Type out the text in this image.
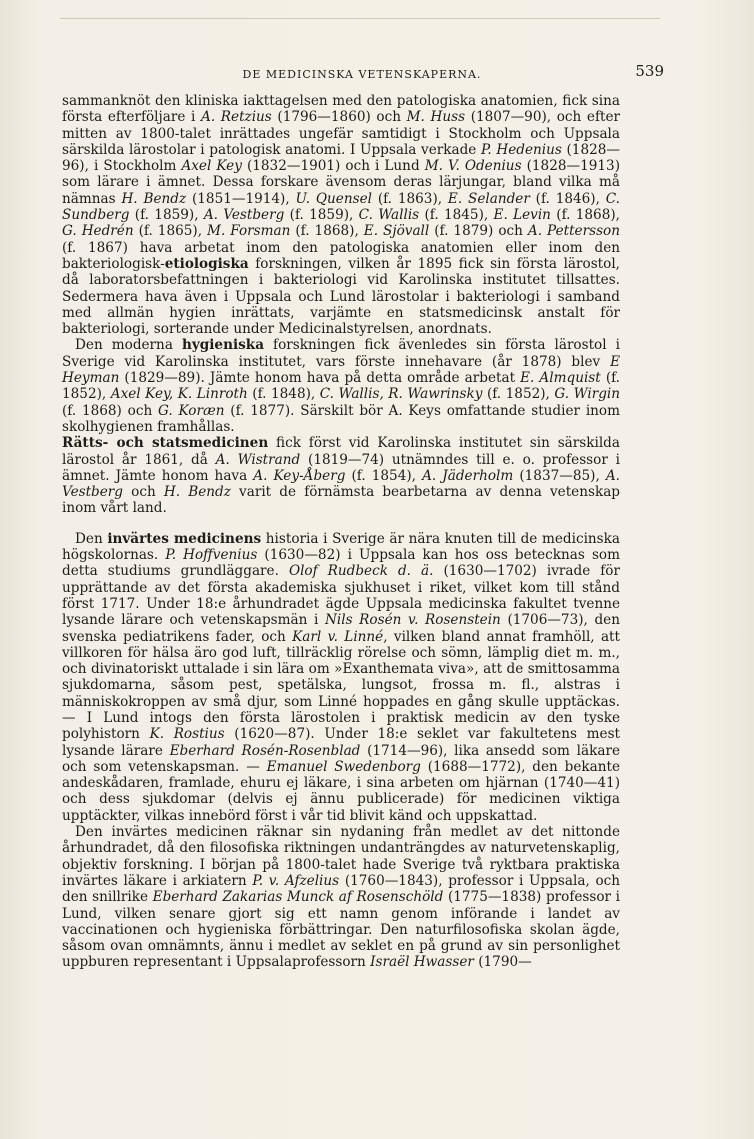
DE MEDICINSKA VETENSKAPERNA.	539

sammanknöt den kliniska iakttagelsen med den patologiska anatomien, fick sina första efterföljare i A. Retzius (1796—1860) och M. Huss (1807—90), och efter mitten av 1800-talet inrättades ungefär samtidigt i Stockholm och Uppsala särskilda lärostolar i patologisk anatomi. I Uppsala verkade P. Hedenius (1828—96), i Stockholm Axel Key (1832—1901) och i Lund M. V. Odenius (1828—1913) som lärare i ämnet. Dessa forskare ävensom deras lärjungar, bland vilka må nämnas H. Bendz (1851—1914), U. Quensel (f. 1863), E. Selander (f. 1846), C. Sundberg (f. 1859), A. Vestberg (f. 1859), C. Wallis (f. 1845), E. Levin (f. 1868), G. Hedrén (f. 1865), M. Forsman (f. 1868), E. Sjövall (f. 1879) och A. Pettersson (f. 1867) hava arbetat inom den patologiska anatomien eller inom den bakteriologisk-etiologiska forskningen, vilken år 1895 fick sin första lärostol, då laboratorsbefattningen i bakteriologi vid Karolinska institutet tillsattes. Sedermera hava även i Uppsala och Lund lärostolar i bakteriologi i samband med allmän hygien inrättats, varjämte en statsmedicinsk anstalt för bakteriologi, sorterande under Medicinalstyrelsen, anordnats.

Den moderna hygieniska forskningen fick ävenledes sin första lärostol i Sverige vid Karolinska institutet, vars förste innehavare (år 1878) blev E Heyman (1829—89). Jämte honom hava på detta område arbetat E. Almquist (f. 1852), Axel Key, K. Linroth (f. 1848), C. Wallis, R. Wawrinsky (f. 1852), G. Wirgin (f. 1868) och G. Koræn (f. 1877). Särskilt bör A. Keys omfattande studier inom skolhygienen framhållas.

Rätts- och statsmedicinen fick först vid Karolinska institutet sin särskilda lärostol år 1861, då A. Wistrand (1819—74) utnämndes till e. o. professor i ämnet. Jämte honom hava A. Key-Åberg (f. 1854), A. Jäderholm (1837—85), A. Vestberg och H. Bendz varit de förnämsta bearbetarna av denna vetenskap inom vårt land.

Den invärtes medicinens historia i Sverige är nära knuten till de medicinska högskolornas. P. Hoffvenius (1630—82) i Uppsala kan hos oss betecknas som detta studiums grundläggare. Olof Rudbeck d. ä. (1630—1702) ivrade för upprättande av det första akademiska sjukhuset i riket, vilket kom till stånd först 1717. Under 18:e århundradet ägde Uppsala medicinska fakultet tvenne lysande lärare och vetenskapsmän i Nils Rosén v. Rosenstein (1706—73), den svenska pediatrikens fader, och Karl v. Linné, vilken bland annat framhöll, att villkoren för hälsa äro god luft, tillräcklig rörelse och sömn, lämplig diet m. m., och divinatoriskt uttalade i sin lära om »Exanthemata viva», att de smittosamma sjukdomarna, såsom pest, spetälska, lungsot, frossa m. fl., alstras i människokroppen av små djur, som Linné hoppades en gång skulle upptäckas. — I Lund intogs den första lärostolen i praktisk medicin av den tyske polyhistorn K. Rostius (1620—87). Under 18:e seklet var fakultetens mest lysande lärare Eberhard Rosén-Rosenblad (1714—96), lika ansedd som läkare och som vetenskapsman. — Emanuel Swedenborg (1688—1772), den bekante andeskådaren, framlade, ehuru ej läkare, i sina arbeten om hjärnan (1740—41) och dess sjukdomar (delvis ej ännu publicerade) för medicinen viktiga upptäckter, vilkas innebörd först i vår tid blivit känd och uppskattad.

Den invärtes medicinen räknar sin nydaning från medlet av det nittonde århundradet, då den filosofiska riktningen undanträngdes av naturvetenskaplig, objektiv forskning. I början på 1800-talet hade Sverige två ryktbara praktiska invärtes läkare i arkiatern P. v. Afzelius (1760—1843), professor i Uppsala, och den snillrike Eberhard Zakarias Munck af Rosenschöld (1775—1838) professor i Lund, vilken senare gjort sig ett namn genom införande i landet av vaccinationen och hygieniska förbättringar. Den naturfilosofiska skolan ägde, såsom ovan omnämnts, ännu i medlet av seklet en på grund av sin personlighet uppburen representant i Uppsalaprofessorn Israël Hwasser (1790—
